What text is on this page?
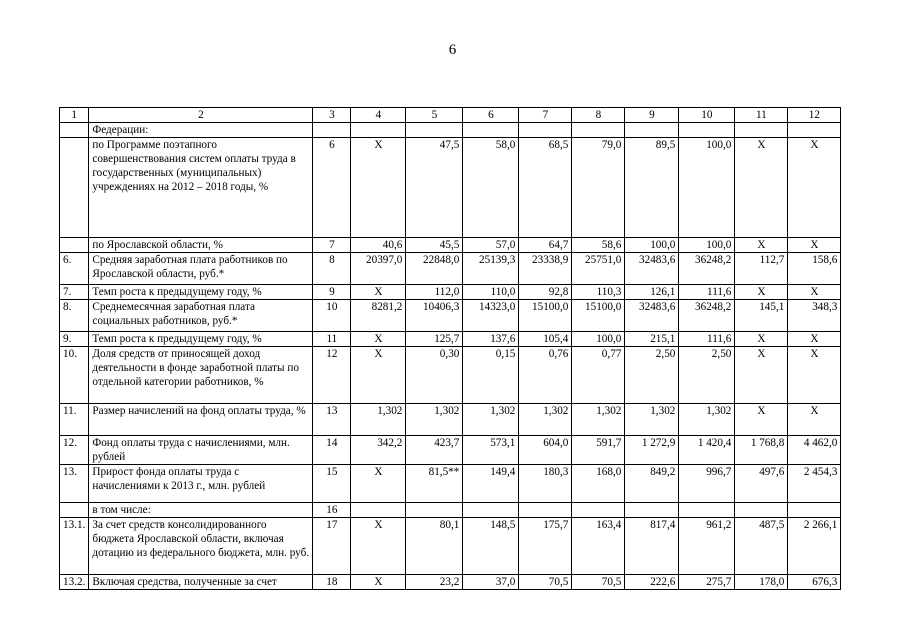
6
1	2	3	4	5	6	7	8	9	10	11	12
	Федерации:										
	по Программе поэтапного совершенствования систем оплаты труда в государственных (муниципальных) учреждениях на 2012 – 2018 годы, %	6	Х	47,5	58,0	68,5	79,0	89,5	100,0	Х	Х
	по Ярославской области, %	7	40,6	45,5	57,0	64,7	58,6	100,0	100,0	Х	Х
6.	Средняя заработная плата работников по Ярославской области, руб.*	8	20397,0	22848,0	25139,3	23338,9	25751,0	32483,6	36248,2	112,7	158,6
7.	Темп роста к предыдущему году, %	9	Х	112,0	110,0	92,8	110,3	126,1	111,6	Х	Х
8.	Среднемесячная заработная плата социальных работников, руб.*	10	8281,2	10406,3	14323,0	15100,0	15100,0	32483,6	36248,2	145,1	348,3
9.	Темп роста к предыдущему году, %	11	Х	125,7	137,6	105,4	100,0	215,1	111,6	Х	Х
10.	Доля средств от приносящей доход деятельности в фонде заработной платы по отдельной категории работников, %	12	Х	0,30	0,15	0,76	0,77	2,50	2,50	Х	Х
11.	Размер начислений на фонд оплаты труда, %	13	1,302	1,302	1,302	1,302	1,302	1,302	1,302	Х	Х
12.	Фонд оплаты труда с начислениями, млн. рублей	14	342,2	423,7	573,1	604,0	591,7	1 272,9	1 420,4	1 768,8	4 462,0
13.	Прирост фонда оплаты труда с начислениями к 2013 г., млн. рублей	15	Х	81,5**	149,4	180,3	168,0	849,2	996,7	497,6	2 454,3
	в том числе:	16									
13.1.	За счет средств консолидированного бюджета Ярославской области, включая дотацию из федерального бюджета, млн. руб.	17	Х	80,1	148,5	175,7	163,4	817,4	961,2	487,5	2 266,1
13.2.	Включая средства, полученные за счет	18	Х	23,2	37,0	70,5	70,5	222,6	275,7	178,0	676,3
